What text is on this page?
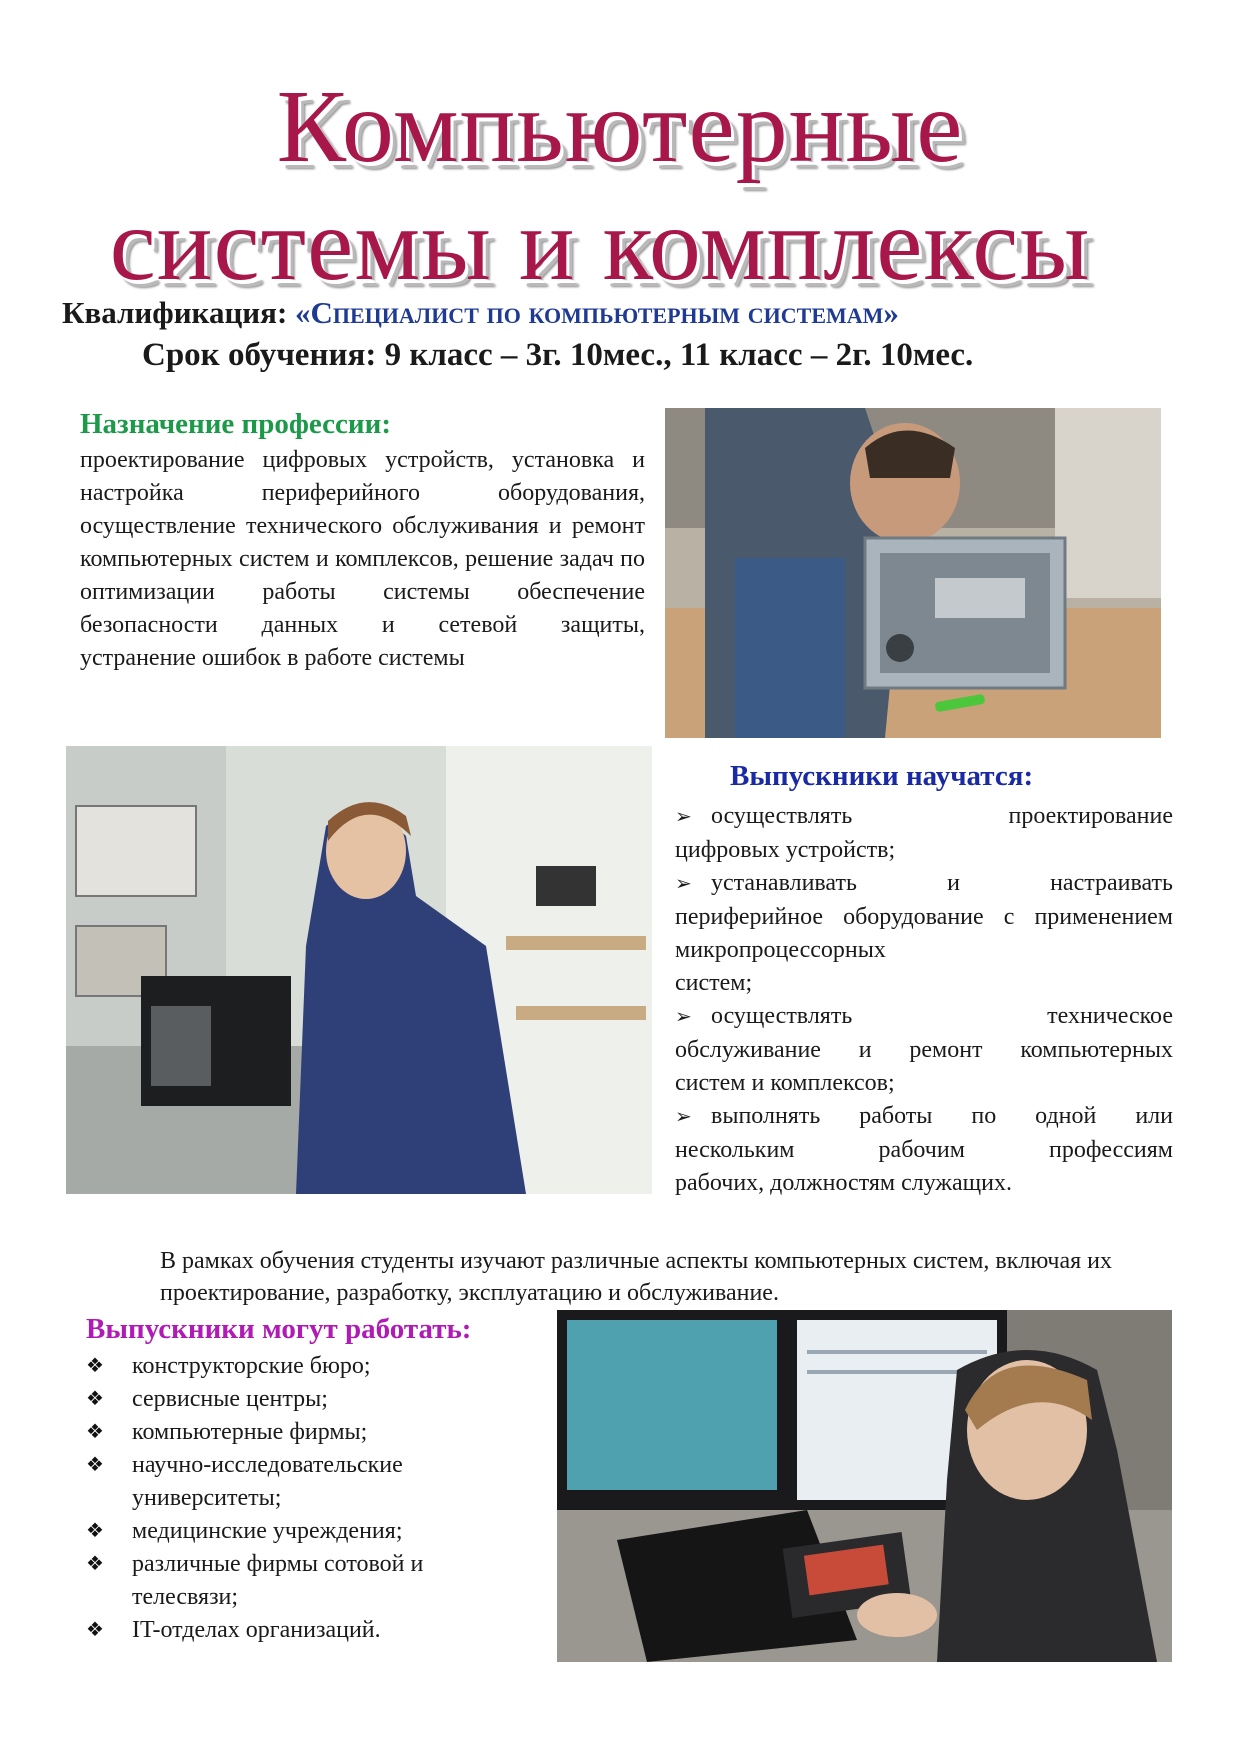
Компьютерные
системы и комплексы
Квалификация: «Специалист по компьютерным системам»
Срок обучения: 9 класс – 3г. 10мес., 11 класс – 2г. 10мес.
Назначение профессии:
проектирование цифровых устройств, установка и настройка периферийного оборудования, осуществление технического обслуживания и ремонт компьютерных систем и комплексов, решение задач по оптимизации работы системы обеспечение безопасности данных и сетевой защиты,
устранение ошибок в работе системы
Выпускники научатся:
➢ осуществлять проектирование
цифровых устройств;
➢ устанавливать и настраивать
периферийное оборудование с применением микропроцессорных
систем;
➢ осуществлять техническое
обслуживание и ремонт компьютерных
систем и комплексов;
➢ выполнять работы по одной или
нескольким рабочим профессиям
рабочих, должностям служащих.
В рамках обучения студенты изучают различные аспекты компьютерных систем, включая их проектирование, разработку, эксплуатацию и обслуживание.
Выпускники могут работать:
❖ конструкторские бюро;
❖ сервисные центры;
❖ компьютерные фирмы;
❖ научно-исследовательские университеты;
❖ медицинские учреждения;
❖ различные фирмы сотовой и телесвязи;
❖ IT-отделах организаций.
